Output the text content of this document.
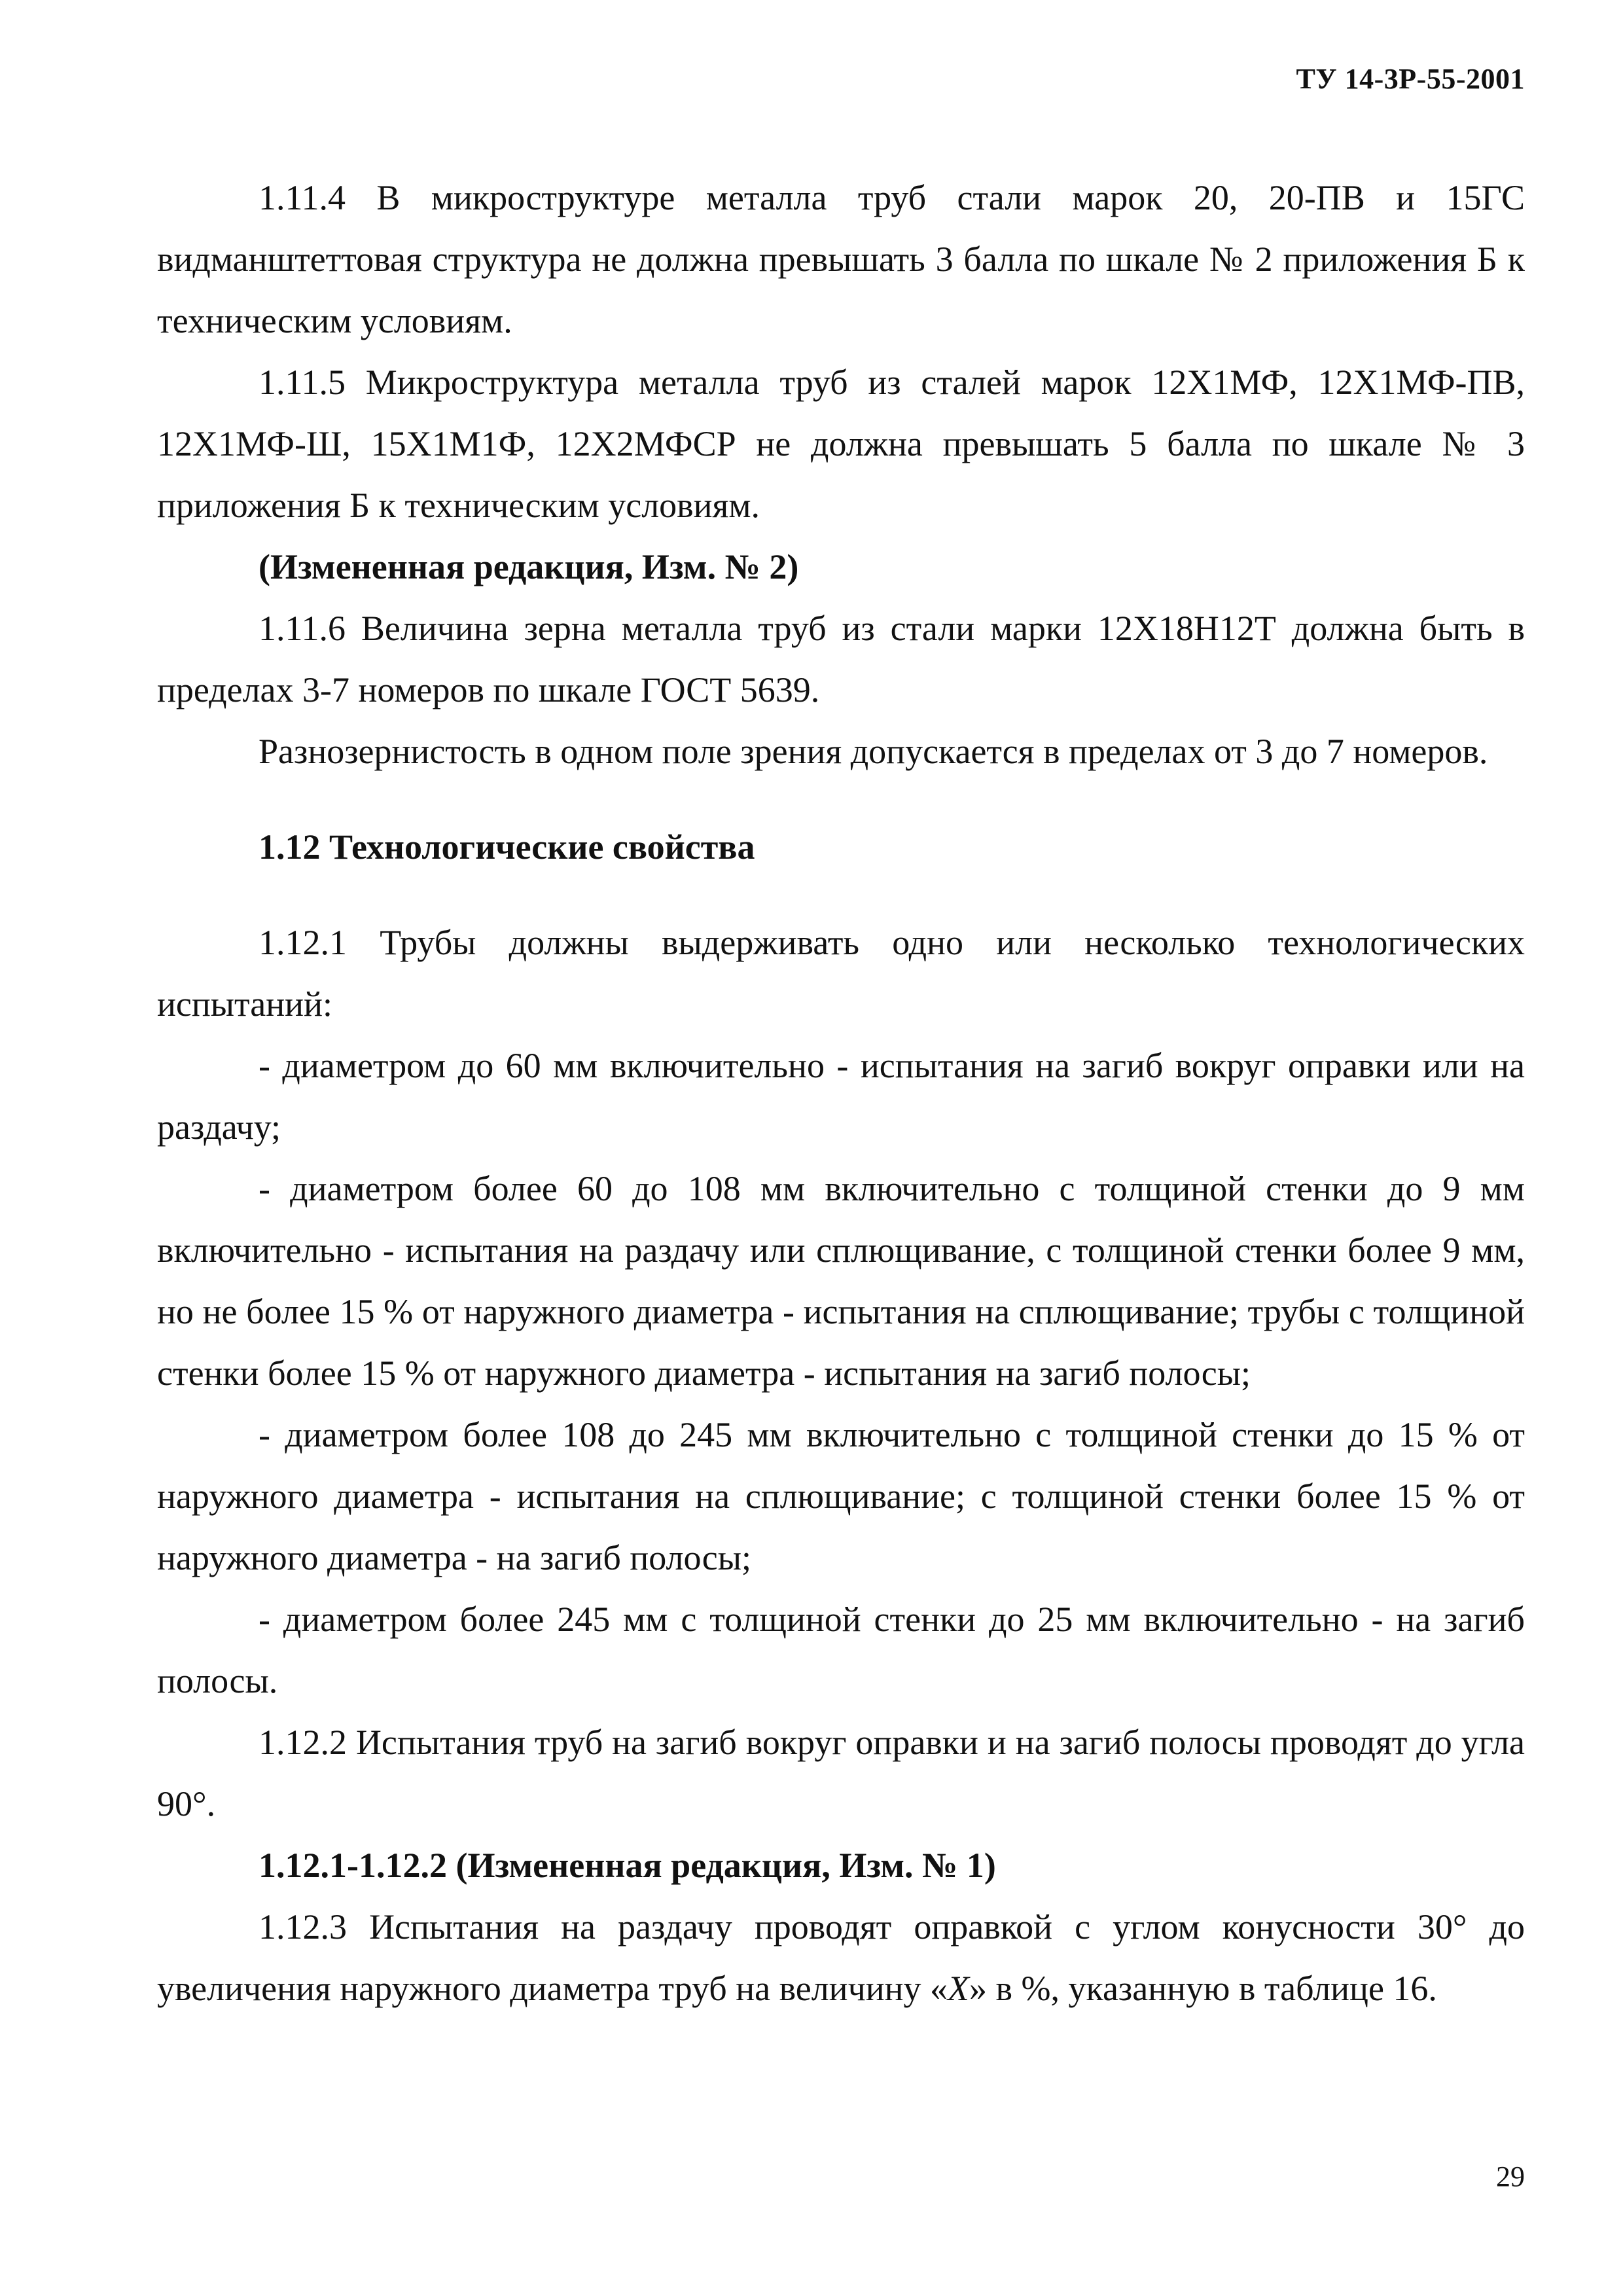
ТУ 14-3Р-55-2001

1.11.4 В микроструктуре металла труб стали марок 20, 20-ПВ и 15ГС видманштеттовая структура не должна превышать 3 балла по шкале № 2 приложения Б к техническим условиям.

1.11.5 Микроструктура металла труб из сталей марок 12Х1МФ, 12Х1МФ-ПВ, 12Х1МФ-Ш, 15Х1М1Ф, 12Х2МФСР не должна превышать 5 балла по шкале № 3 приложения Б к техническим условиям.

(Измененная редакция, Изм. № 2)

1.11.6 Величина зерна металла труб из стали марки 12Х18Н12Т должна быть в пределах 3-7 номеров по шкале ГОСТ 5639.

Разнозернистость в одном поле зрения допускается в пределах от 3 до 7 номеров.

1.12 Технологические свойства

1.12.1 Трубы должны выдерживать одно или несколько технологических испытаний:

- диаметром до 60 мм включительно - испытания на загиб вокруг оправки или на раздачу;

- диаметром более 60 до 108 мм включительно с толщиной стенки до 9 мм включительно - испытания на раздачу или сплющивание, с толщиной стенки более 9 мм, но не более 15 % от наружного диаметра - испытания на сплющивание; трубы с толщиной стенки более 15 % от наружного диаметра - испытания на загиб полосы;

- диаметром более 108 до 245 мм включительно с толщиной стенки до 15 % от наружного диаметра - испытания на сплющивание; с толщиной стенки более 15 % от наружного диаметра - на загиб полосы;

- диаметром более 245 мм с толщиной стенки до 25 мм включительно - на загиб полосы.

1.12.2 Испытания труб на загиб вокруг оправки и на загиб полосы проводят до угла 90°.

1.12.1-1.12.2 (Измененная редакция, Изм. № 1)

1.12.3 Испытания на раздачу проводят оправкой с углом конусности 30° до увеличения наружного диаметра труб на величину «X» в %, указанную в таблице 16.

29
